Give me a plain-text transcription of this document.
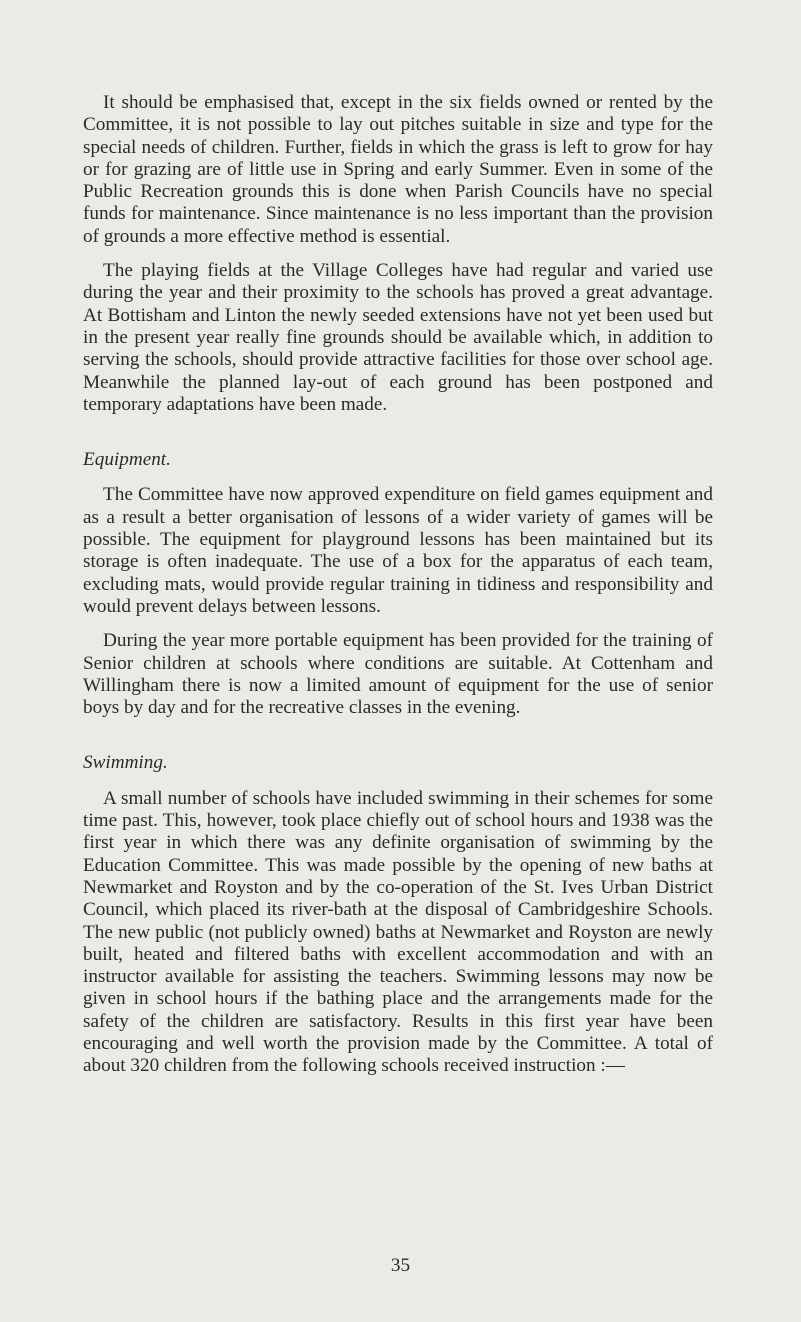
It should be emphasised that, except in the six fields owned or rented by the Committee, it is not possible to lay out pitches suitable in size and type for the special needs of children. Further, fields in which the grass is left to grow for hay or for grazing are of little use in Spring and early Summer. Even in some of the Public Recreation grounds this is done when Parish Councils have no special funds for maintenance. Since maintenance is no less important than the provision of grounds a more effective method is essential.

The playing fields at the Village Colleges have had regular and varied use during the year and their proximity to the schools has proved a great advantage. At Bottisham and Linton the newly seeded extensions have not yet been used but in the present year really fine grounds should be available which, in addition to serving the schools, should provide attractive facilities for those over school age. Meanwhile the planned lay-out of each ground has been postponed and temporary adaptations have been made.

Equipment.

The Committee have now approved expenditure on field games equipment and as a result a better organisation of lessons of a wider variety of games will be possible. The equipment for playground lessons has been maintained but its storage is often inadequate. The use of a box for the apparatus of each team, excluding mats, would provide regular training in tidiness and responsibility and would prevent delays between lessons.

During the year more portable equipment has been provided for the training of Senior children at schools where conditions are suitable. At Cottenham and Willingham there is now a limited amount of equipment for the use of senior boys by day and for the recreative classes in the evening.

Swimming.

A small number of schools have included swimming in their schemes for some time past. This, however, took place chiefly out of school hours and 1938 was the first year in which there was any definite organisation of swimming by the Education Committee. This was made possible by the opening of new baths at Newmarket and Royston and by the co-operation of the St. Ives Urban District Council, which placed its river-bath at the disposal of Cambridgeshire Schools. The new public (not publicly owned) baths at Newmarket and Royston are newly built, heated and filtered baths with excellent accommodation and with an instructor available for assisting the teachers. Swimming lessons may now be given in school hours if the bathing place and the arrangements made for the safety of the children are satisfactory. Results in this first year have been encouraging and well worth the provision made by the Committee. A total of about 320 children from the following schools received instruction :—

35
